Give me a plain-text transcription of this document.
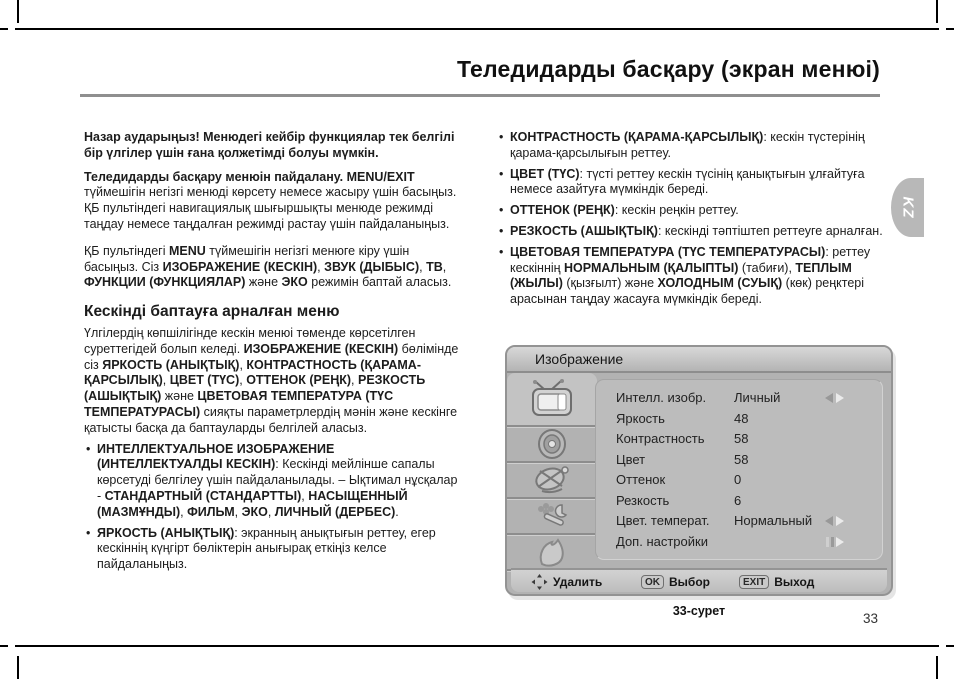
Теледидарды басқару (экран менюі)
KZ

Назар аударыңыз! Менюдегі кейбір функциялар тек белгілі бір үлгілер үшін ғана қолжетімді болуы мүмкін.

Теледидарды басқару менюін пайдалану. MENU/EXIT түймешігін негізгі менюді көрсету немесе жасыру үшін басыңыз. ҚБ пультіндегі навигациялық шығыршықты менюде режимді таңдау немесе таңдалған режимді растау үшін пайдаланыңыз.

ҚБ пультіндегі MENU түймешігін негізгі менюге кіру үшін басыңыз. Сіз ИЗОБРАЖЕНИЕ (КЕСКІН), ЗВУК (ДЫБЫС), ТВ, ФУНКЦИИ (ФУНКЦИЯЛАР) және ЭКО режимін баптай аласыз.

Кескінді баптауға арналған меню

Үлгілердің көпшілігінде кескін менюі төменде көрсетілген суреттегідей болып келеді. ИЗОБРАЖЕНИЕ (КЕСКІН) бөлімінде сіз ЯРКОСТЬ (АНЫҚТЫҚ), КОНТРАСТНОСТЬ (ҚАРАМА-ҚАРСЫЛЫҚ), ЦВЕТ (ТҮС), ОТТЕНОК (РЕҢК), РЕЗКОСТЬ (АШЫҚТЫҚ) және ЦВЕТОВАЯ ТЕМПЕРАТУРА (ТҮС ТЕМПЕРАТУРАСЫ) сияқты параметрлердің мәнін және кескінге қатысты басқа да баптауларды белгілей аласыз.

• ИНТЕЛЛЕКТУАЛЬНОЕ ИЗОБРАЖЕНИЕ (ИНТЕЛЛЕКТУАЛДЫ КЕСКІН): Кескінді мейлінше сапалы көрсетуді белгілеу үшін пайдаланылады. – Ықтимал нұсқалар - СТАНДАРТНЫЙ (СТАНДАРТТЫ), НАСЫЩЕННЫЙ (МАЗМҰНДЫ), ФИЛЬМ, ЭКО, ЛИЧНЫЙ (ДЕРБЕС).
• ЯРКОСТЬ (АНЫҚТЫҚ): экранның анықтығын реттеу, егер кескіннің күңгірт бөліктерін анығырақ еткіңіз келсе пайдаланыңыз.
• КОНТРАСТНОСТЬ (ҚАРАМА-ҚАРСЫЛЫҚ): кескін түстерінің қарама-қарсылығын реттеу.
• ЦВЕТ (ТҮС): түсті реттеу кескін түсінің қанықтығын ұлғайтуға немесе азайтуға мүмкіндік береді.
• ОТТЕНОК (РЕҢК): кескін реңкін реттеу.
• РЕЗКОСТЬ (АШЫҚТЫҚ): кескінді тәптіштеп реттеуге арналған.
• ЦВЕТОВАЯ ТЕМПЕРАТУРА (ТҮС ТЕМПЕРАТУРАСЫ): реттеу кескіннің НОРМАЛЬНЫМ (ҚАЛЫПТЫ) (табиғи), ТЕПЛЫМ (ЖЫЛЫ) (қызғылт) және ХОЛОДНЫМ (СУЫҚ) (көк) реңктері арасынан таңдау жасауға мүмкіндік береді.
Изображение
Интелл. изобр.	Личный
Яркость	48
Контрастность	58
Цвет	58
Оттенок	0
Резкость	6
Цвет. температ.	Нормальный
Доп. настройки
Удалить	OK Выбор	EXIT Выход
33-сурет	33
